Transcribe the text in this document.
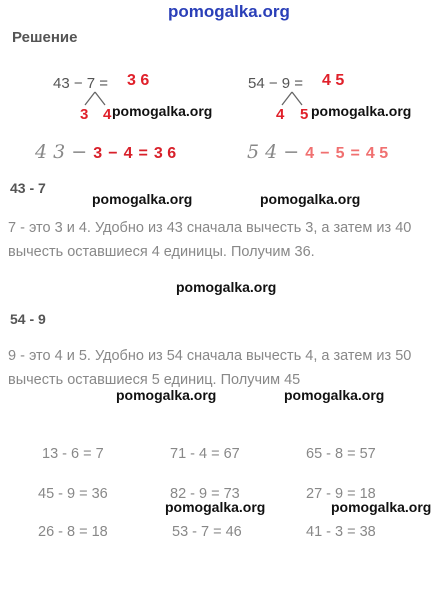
pomogalka.org
Решение
43 − 7 = 3 6
3 4 pomogalka.org
54 − 9 = 4 5
4 5 pomogalka.org
4 3 − 3 − 4 = 3 6	5 4 − 4 − 5 = 4 5
43 - 7
pomogalka.org	pomogalka.org
7 - это 3 и 4. Удобно из 43 сначала вычесть 3, а затем из 40 вычесть оставшиеся 4 единицы. Получим 36.
pomogalka.org
54 - 9
9 - это 4 и 5. Удобно из 54 сначала вычесть 4, а затем из 50 вычесть оставшиеся 5 единиц. Получим 45
pomogalka.org	pomogalka.org
13 - 6 = 7	71 - 4 = 67	65 - 8 = 57
45 - 9 = 36	82 - 9 = 73	27 - 9 = 18
pomogalka.org	pomogalka.org
26 - 8 = 18	53 - 7 = 46	41 - 3 = 38
